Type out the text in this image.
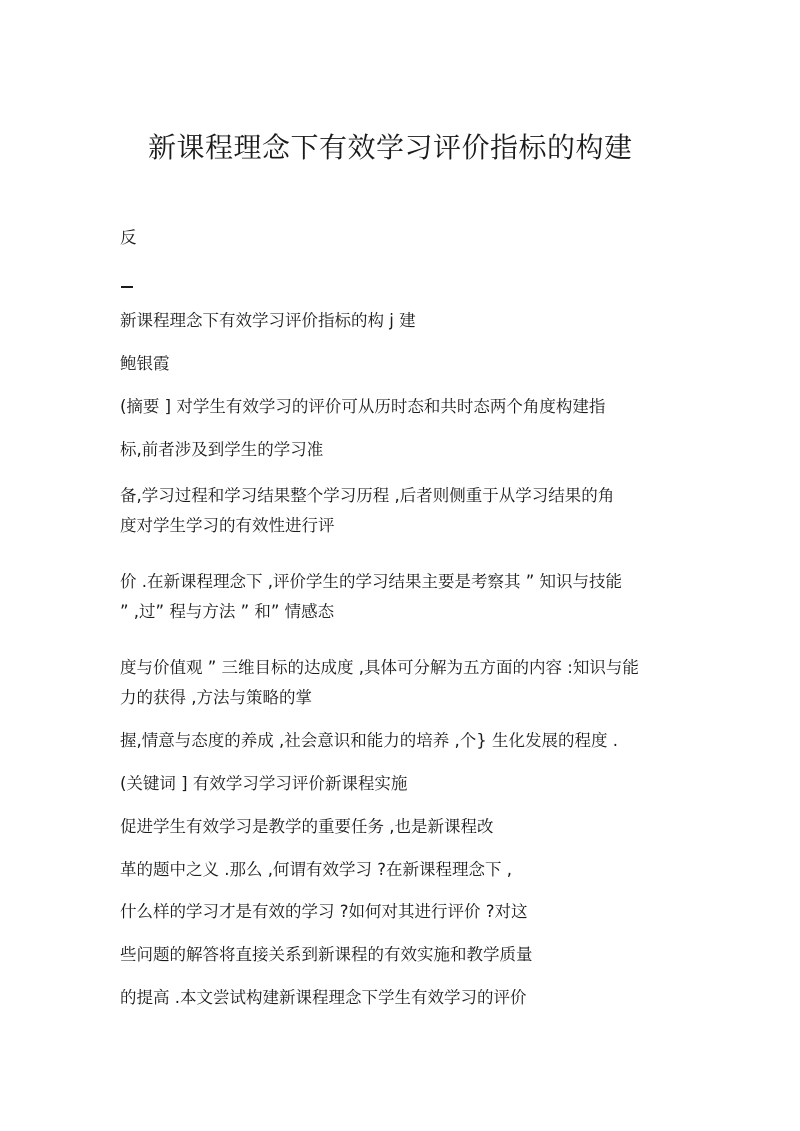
新课程理念下有效学习评价指标的构建
反
新课程理念下有效学习评价指标的构 j 建
鲍银霞
(摘要 ] 对学生有效学习的评价可从历时态和共时态两个角度构建指
标,前者涉及到学生的学习准
备,学习过程和学习结果整个学习历程 ,后者则侧重于从学习结果的角
度对学生学习的有效性进行评
价 .在新课程理念下 ,评价学生的学习结果主要是考察其 ” 知识与技能
” ,过” 程与方法 ” 和” 情感态
度与价值观 ” 三维目标的达成度 ,具体可分解为五方面的内容 :知识与能
力的获得 ,方法与策略的掌
握,情意与态度的养成 ,社会意识和能力的培养 ,个} 生化发展的程度 .
(关键词 ] 有效学习学习评价新课程实施
促进学生有效学习是教学的重要任务 ,也是新课程改
革的题中之义 .那么 ,何谓有效学习 ?在新课程理念下 ,
什么样的学习才是有效的学习 ?如何对其进行评价 ?对这
些问题的解答将直接关系到新课程的有效实施和教学质量
的提高 .本文尝试构建新课程理念下学生有效学习的评价
